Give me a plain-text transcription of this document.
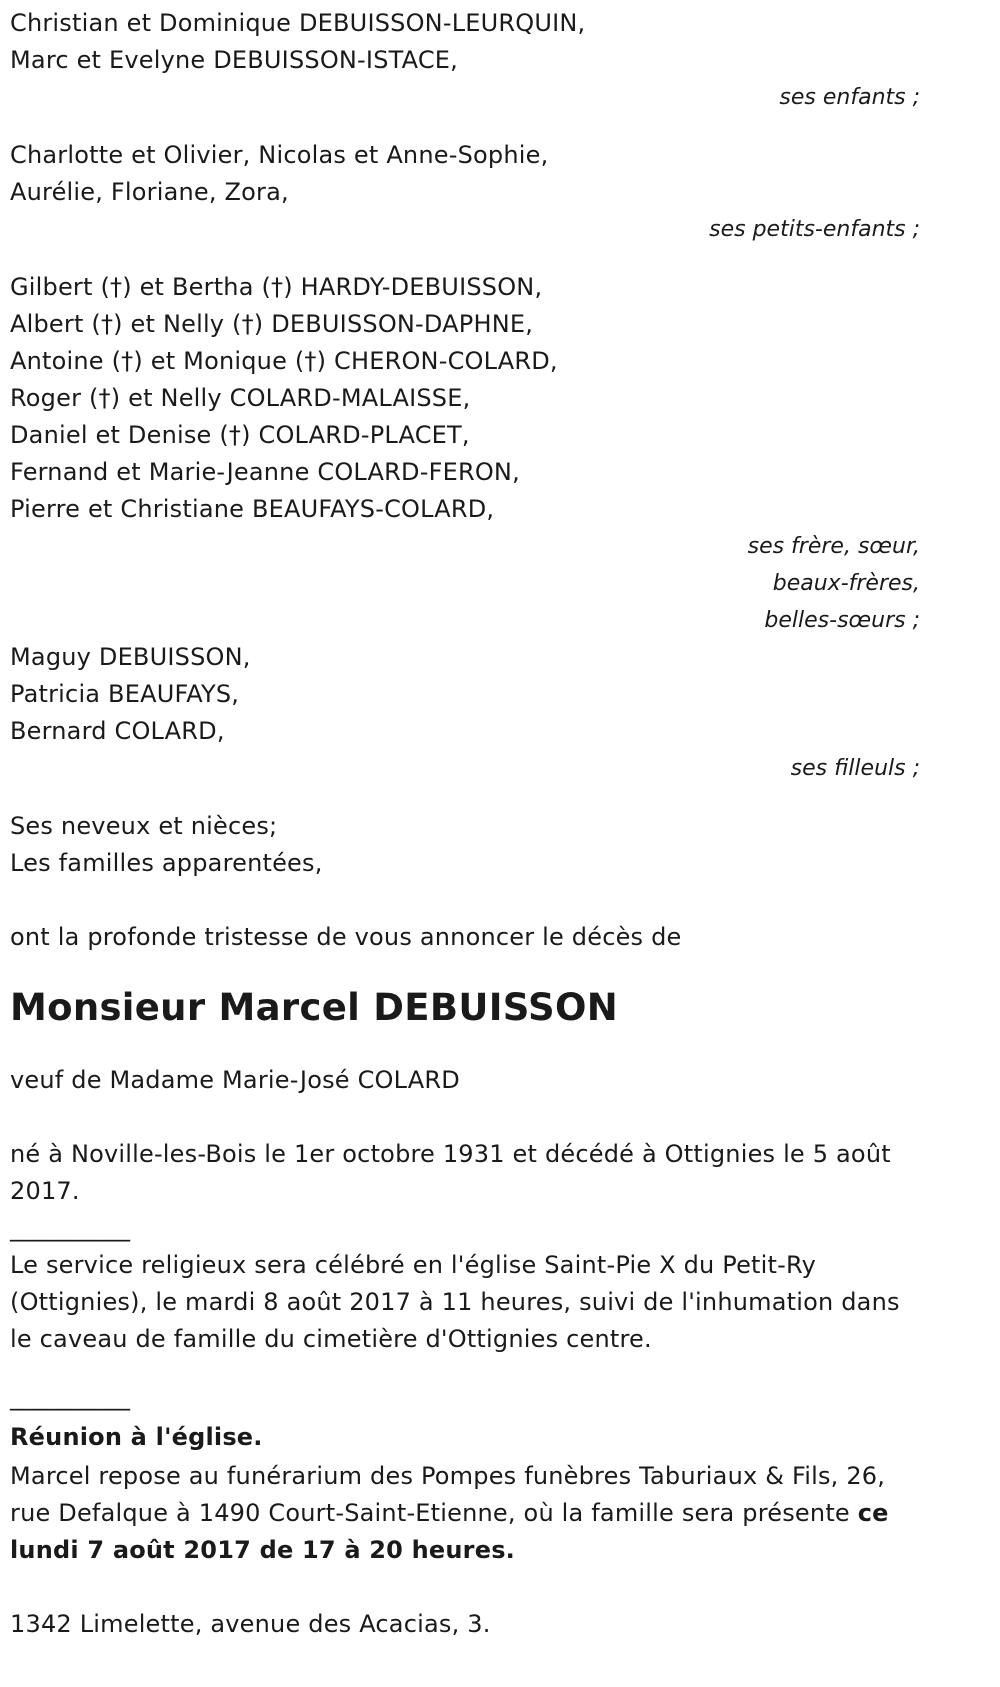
Christian et Dominique DEBUISSON-LEURQUIN,
Marc et Evelyne DEBUISSON-ISTACE,
ses enfants ;
Charlotte et Olivier, Nicolas et Anne-Sophie,
Aurélie, Floriane, Zora,
ses petits-enfants ;
Gilbert (†) et Bertha (†) HARDY-DEBUISSON,
Albert (†) et Nelly (†) DEBUISSON-DAPHNE,
Antoine (†) et Monique (†) CHERON-COLARD,
Roger (†) et Nelly COLARD-MALAISSE,
Daniel et Denise (†) COLARD-PLACET,
Fernand et Marie-Jeanne COLARD-FERON,
Pierre et Christiane BEAUFAYS-COLARD,
ses frère, sœur,
beaux-frères,
belles-sœurs ;
Maguy DEBUISSON,
Patricia BEAUFAYS,
Bernard COLARD,
ses filleuls ;
Ses neveux et nièces;
Les familles apparentées,
ont la profonde tristesse de vous annoncer le décès de
Monsieur Marcel DEBUISSON
veuf de Madame Marie-José COLARD
né à Noville-les-Bois le 1er octobre 1931 et décédé à Ottignies le 5 août 2017.
__________
Le service religieux sera célébré en l'église Saint-Pie X du Petit-Ry (Ottignies), le mardi 8 août 2017 à 11 heures, suivi de l'inhumation dans le caveau de famille du cimetière d'Ottignies centre.
__________
Réunion à l'église.
Marcel repose au funérarium des Pompes funèbres Taburiaux & Fils, 26, rue Defalque à 1490 Court-Saint-Etienne, où la famille sera présente ce lundi 7 août 2017 de 17 à 20 heures.
1342 Limelette, avenue des Acacias, 3.
